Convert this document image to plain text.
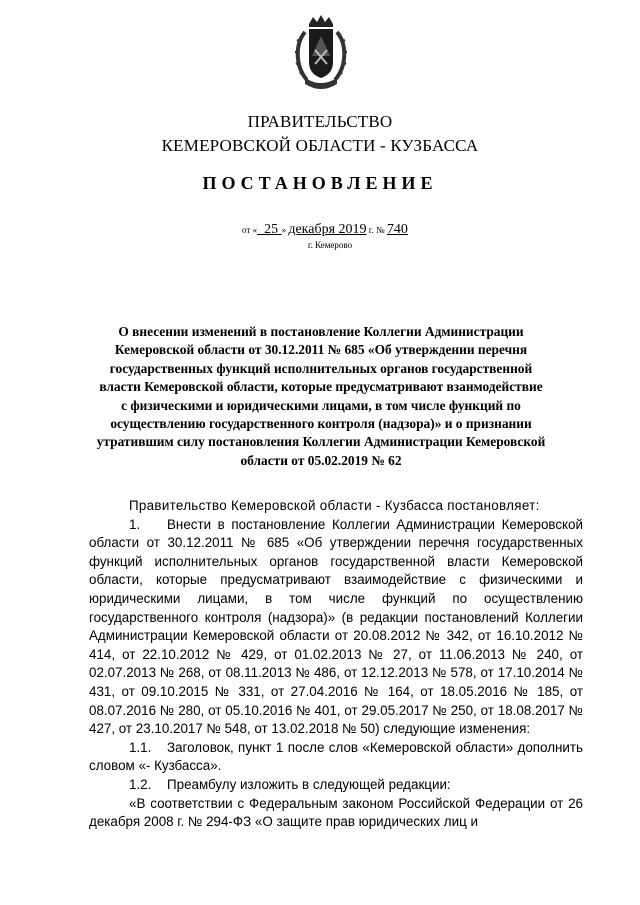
ПРАВИТЕЛЬСТВО
КЕМЕРОВСКОЙ ОБЛАСТИ - КУЗБАССА
ПОСТАНОВЛЕНИЕ
от « 25 » декабря 2019 г. № 740
г. Кемерово
О внесении изменений в постановление Коллегии Администрации Кемеровской области от 30.12.2011 № 685 «Об утверждении перечня государственных функций исполнительных органов государственной власти Кемеровской области, которые предусматривают взаимодействие с физическими и юридическими лицами, в том числе функций по осуществлению государственного контроля (надзора)» и о признании утратившим силу постановления Коллегии Администрации Кемеровской области от 05.02.2019 № 62

Правительство Кемеровской области - Кузбасса постановляет:

1. Внести в постановление Коллегии Администрации Кемеровской области от 30.12.2011 № 685 «Об утверждении перечня государственных функций исполнительных органов государственной власти Кемеровской области, которые предусматривают взаимодействие с физическими и юридическими лицами, в том числе функций по осуществлению государственного контроля (надзора)» (в редакции постановлений Коллегии Администрации Кемеровской области от 20.08.2012 № 342, от 16.10.2012 № 414, от 22.10.2012 № 429, от 01.02.2013 № 27, от 11.06.2013 № 240, от 02.07.2013 № 268, от 08.11.2013 № 486, от 12.12.2013 № 578, от 17.10.2014 № 431, от 09.10.2015 № 331, от 27.04.2016 № 164, от 18.05.2016 № 185, от 08.07.2016 № 280, от 05.10.2016 № 401, от 29.05.2017 № 250, от 18.08.2017 № 427, от 23.10.2017 № 548, от 13.02.2018 № 50) следующие изменения:

1.1. Заголовок, пункт 1 после слов «Кемеровской области» дополнить словом «- Кузбасса».

1.2. Преамбулу изложить в следующей редакции:

«В соответствии с Федеральным законом Российской Федерации от 26 декабря 2008 г. № 294-ФЗ «О защите прав юридических лиц и
